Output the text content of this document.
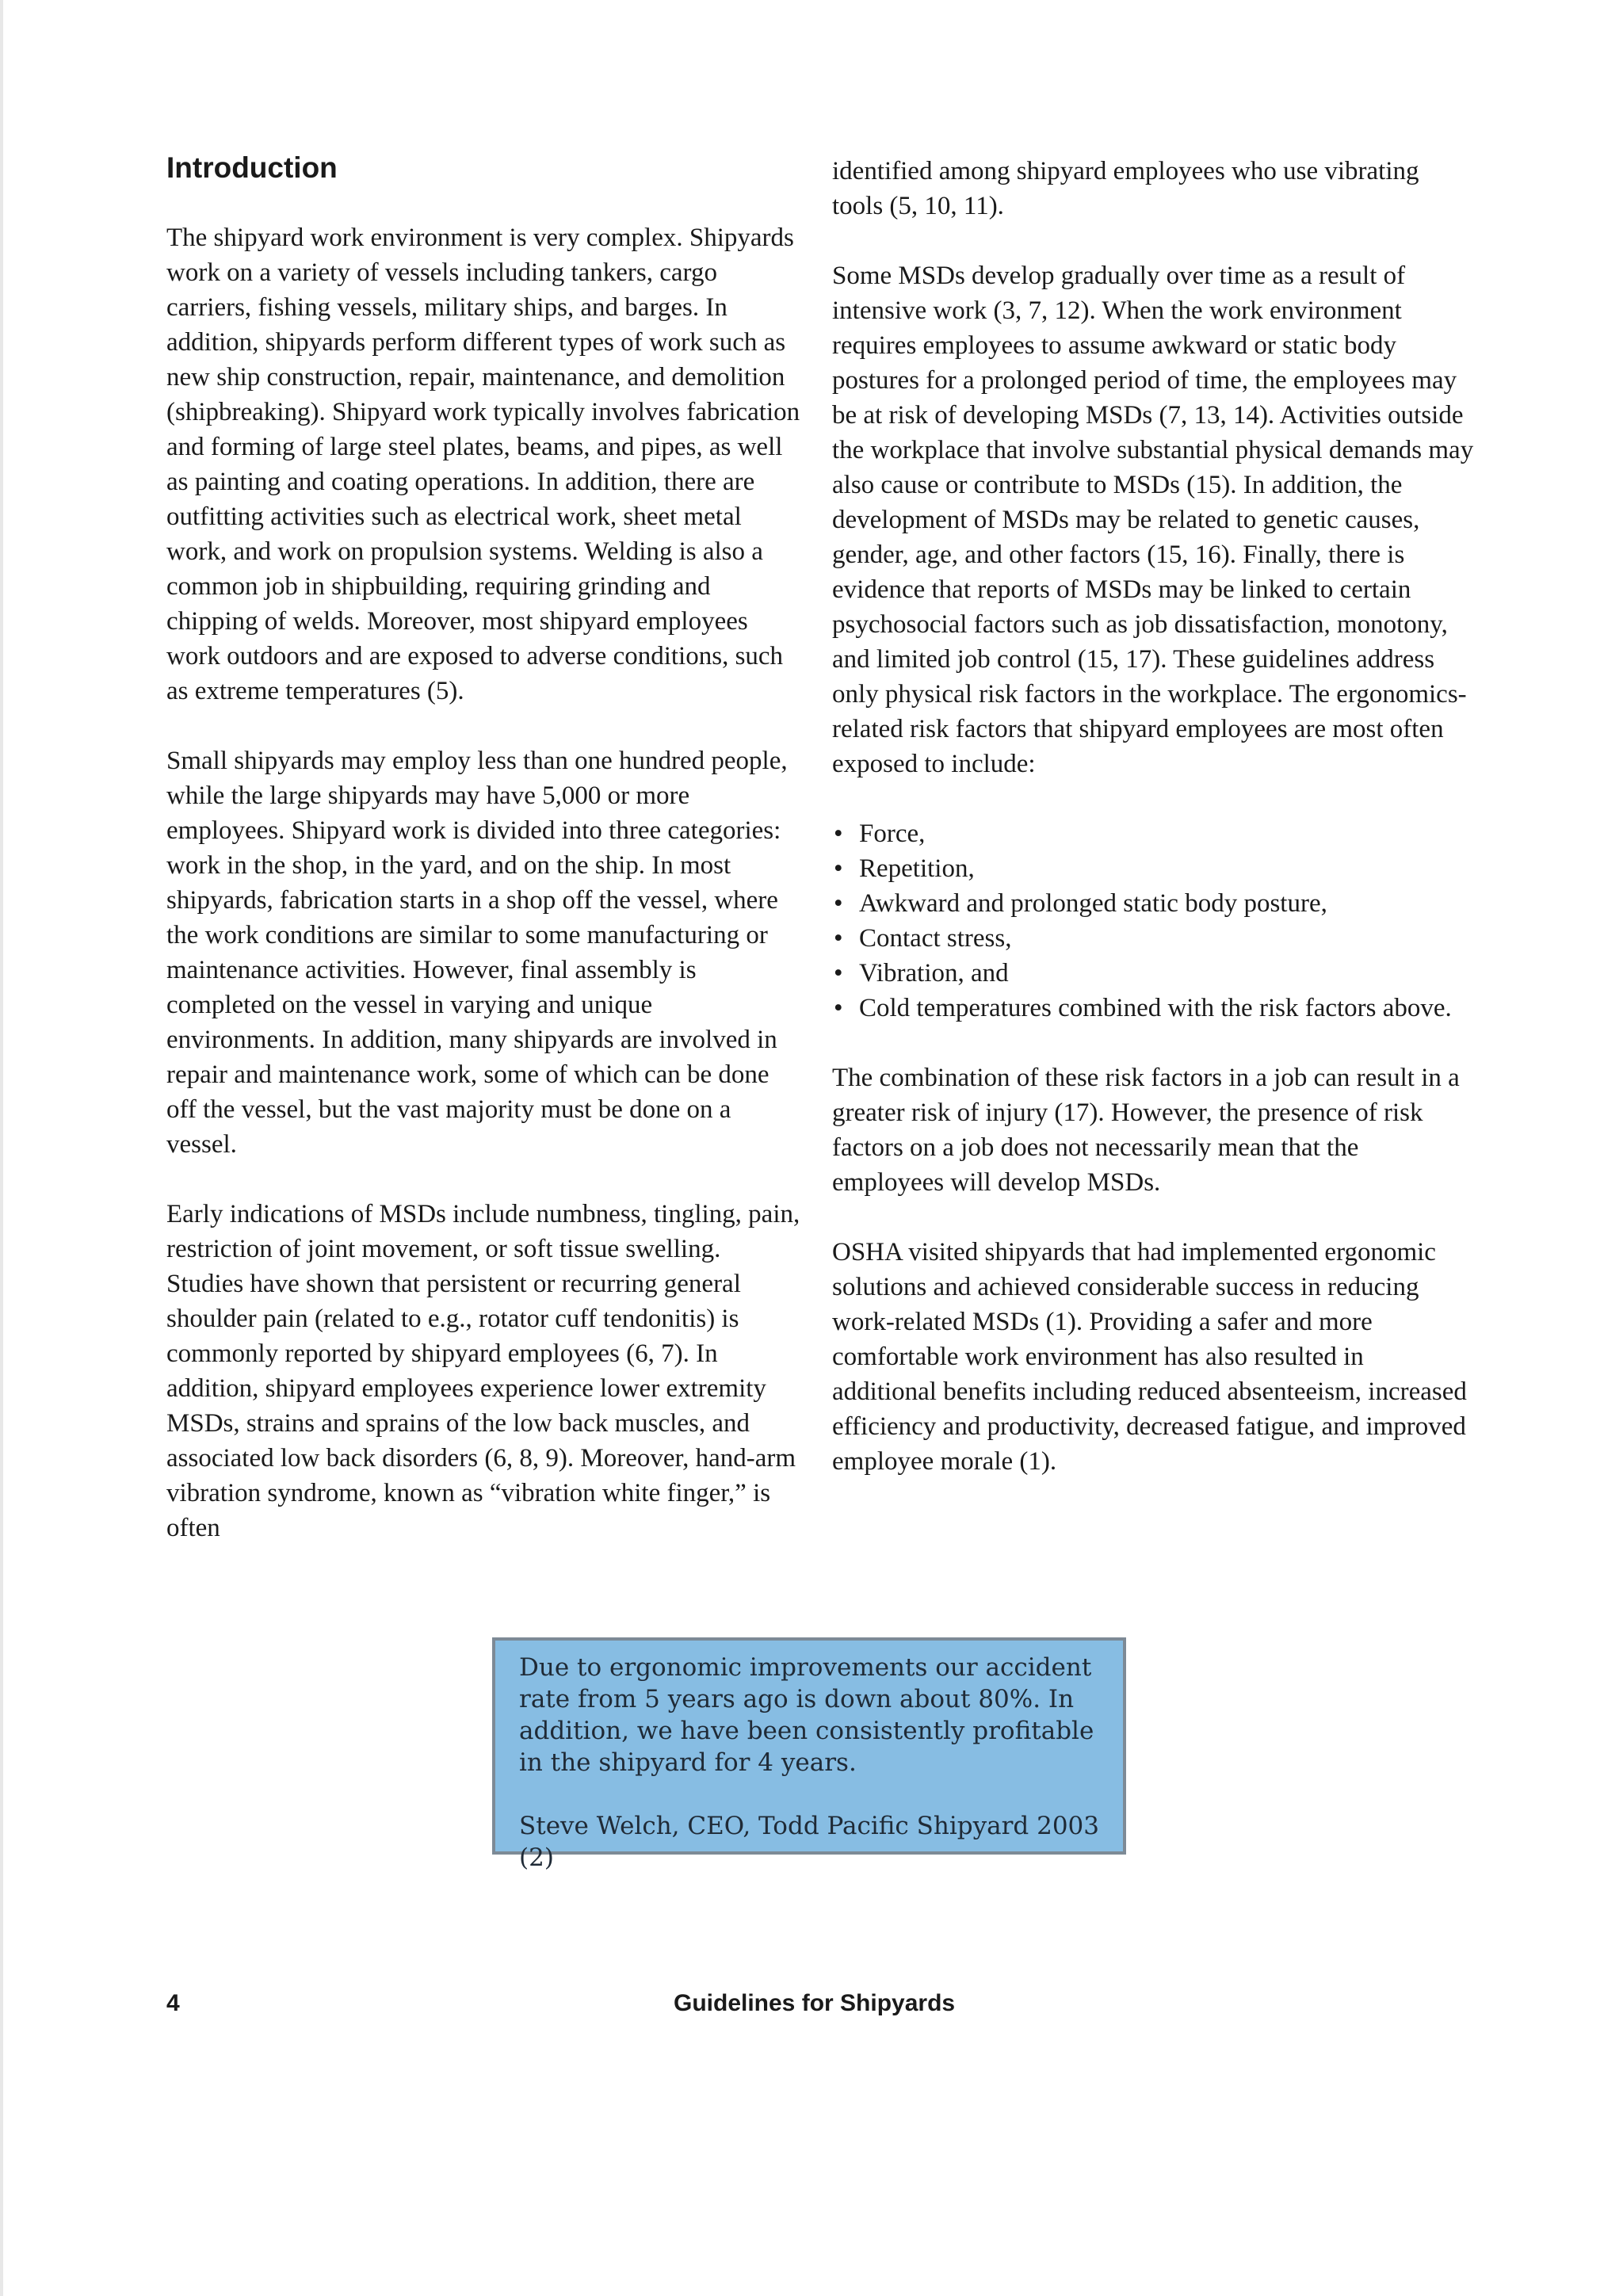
Introduction

The shipyard work environment is very complex. Shipyards work on a variety of vessels including tankers, cargo carriers, fishing vessels, military ships, and barges. In addition, shipyards perform different types of work such as new ship construction, repair, maintenance, and demolition (shipbreaking). Shipyard work typically involves fabrication and forming of large steel plates, beams, and pipes, as well as painting and coating operations. In addition, there are outfitting activities such as electrical work, sheet metal work, and work on propulsion systems. Welding is also a common job in shipbuilding, requiring grinding and chipping of welds. Moreover, most shipyard employees work outdoors and are exposed to adverse conditions, such as extreme temperatures (5).

Small shipyards may employ less than one hundred people, while the large shipyards may have 5,000 or more employees. Shipyard work is divided into three categories: work in the shop, in the yard, and on the ship. In most shipyards, fabrication starts in a shop off the vessel, where the work conditions are similar to some manufacturing or maintenance activities. However, final assembly is completed on the vessel in varying and unique environments. In addition, many shipyards are involved in repair and maintenance work, some of which can be done off the vessel, but the vast majority must be done on a vessel.

Early indications of MSDs include numbness, tingling, pain, restriction of joint movement, or soft tissue swelling. Studies have shown that persistent or recurring general shoulder pain (related to e.g., rotator cuff tendonitis) is commonly reported by shipyard employees (6, 7). In addition, shipyard employees experience lower extremity MSDs, strains and sprains of the low back muscles, and associated low back disorders (6, 8, 9). Moreover, hand-arm vibration syndrome, known as “vibration white finger,” is often

identified among shipyard employees who use vibrating tools (5, 10, 11).

Some MSDs develop gradually over time as a result of intensive work (3, 7, 12). When the work environment requires employees to assume awkward or static body postures for a prolonged period of time, the employees may be at risk of developing MSDs (7, 13, 14). Activities outside the workplace that involve substantial physical demands may also cause or contribute to MSDs (15). In addition, the development of MSDs may be related to genetic causes, gender, age, and other factors (15, 16). Finally, there is evidence that reports of MSDs may be linked to certain psychosocial factors such as job dissatisfaction, monotony, and limited job control (15, 17). These guidelines address only physical risk factors in the workplace. The ergonomics-related risk factors that shipyard employees are most often exposed to include:

• Force,
• Repetition,
• Awkward and prolonged static body posture,
• Contact stress,
• Vibration, and
• Cold temperatures combined with the risk factors above.

The combination of these risk factors in a job can result in a greater risk of injury (17). However, the presence of risk factors on a job does not necessarily mean that the employees will develop MSDs.

OSHA visited shipyards that had implemented ergonomic solutions and achieved considerable success in reducing work-related MSDs (1). Providing a safer and more comfortable work environment has also resulted in additional benefits including reduced absenteeism, increased efficiency and productivity, decreased fatigue, and improved employee morale (1).

Due to ergonomic improvements our accident rate from 5 years ago is down about 80%. In addition, we have been consistently profitable in the shipyard for 4 years.

Steve Welch, CEO, Todd Pacific Shipyard 2003 (2)

4	Guidelines for Shipyards
